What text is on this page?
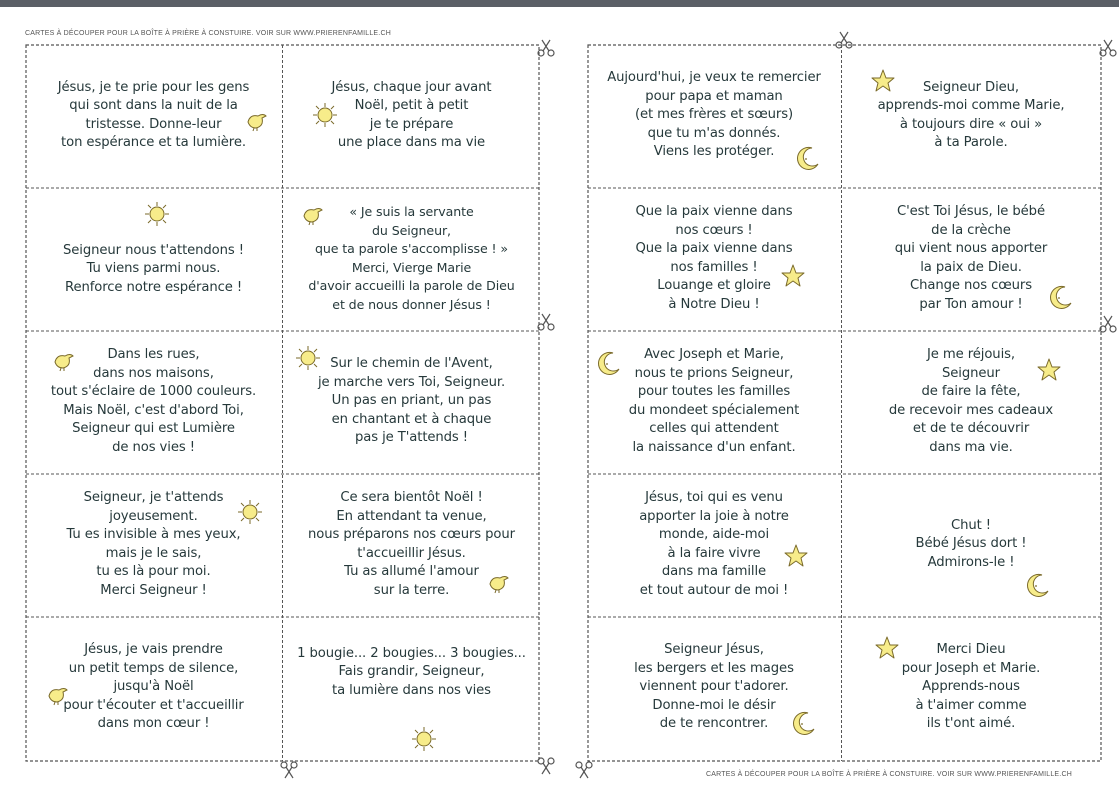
CARTES À DÉCOUPER POUR LA BOÎTE À PRIÈRE À CONSTUIRE. VOIR SUR WWW.PRIERENFAMILLE.CH
CARTES À DÉCOUPER POUR LA BOÎTE À PRIÈRE À CONSTUIRE. VOIR SUR WWW.PRIERENFAMILLE.CH
Jésus, je te prie pour les gens
qui sont dans la nuit de la
tristesse. Donne-leur
ton espérance et ta lumière.
Jésus, chaque jour avant
Noël, petit à petit
je te prépare
une place dans ma vie
Seigneur nous t'attendons !
Tu viens parmi nous.
Renforce notre espérance !
« Je suis la servante
du Seigneur,
que ta parole s'accomplisse ! »
Merci, Vierge Marie
d'avoir accueilli la parole de Dieu
et de nous donner Jésus !
Dans les rues,
dans nos maisons,
tout s'éclaire de 1000 couleurs.
Mais Noël, c'est d'abord Toi,
Seigneur qui est Lumière
de nos vies !
Sur le chemin de l'Avent,
je marche vers Toi, Seigneur.
Un pas en priant, un pas
en chantant et à chaque
pas je T'attends !
Seigneur, je t'attends
joyeusement.
Tu es invisible à mes yeux,
mais je le sais,
tu es là pour moi.
Merci Seigneur !
Ce sera bientôt Noël !
En attendant ta venue,
nous préparons nos cœurs pour
t'accueillir Jésus.
Tu as allumé l'amour
sur la terre.
Jésus, je vais prendre
un petit temps de silence,
jusqu'à Noël
pour t'écouter et t'accueillir
dans mon cœur !
1 bougie... 2 bougies... 3 bougies...
Fais grandir, Seigneur,
ta lumière dans nos vies
Aujourd'hui, je veux te remercier
pour papa et maman
(et mes frères et sœurs)
que tu m'as donnés.
Viens les protéger.
Seigneur Dieu,
apprends-moi comme Marie,
à toujours dire « oui »
à ta Parole.
Que la paix vienne dans
nos cœurs !
Que la paix vienne dans
nos familles !
Louange et gloire
à Notre Dieu !
C'est Toi Jésus, le bébé
de la crèche
qui vient nous apporter
la paix de Dieu.
Change nos cœurs
par Ton amour !
Avec Joseph et Marie,
nous te prions Seigneur,
pour toutes les familles
du mondeet spécialement
celles qui attendent
la naissance d'un enfant.
Je me réjouis,
Seigneur
de faire la fête,
de recevoir mes cadeaux
et de te découvrir
dans ma vie.
Jésus, toi qui es venu
apporter la joie à notre
monde, aide-moi
à la faire vivre
dans ma famille
et tout autour de moi !
Chut !
Bébé Jésus dort !
Admirons-le !
Seigneur Jésus,
les bergers et les mages
viennent pour t'adorer.
Donne-moi le désir
de te rencontrer.
Merci Dieu
pour Joseph et Marie.
Apprends-nous
à t'aimer comme
ils t'ont aimé.
